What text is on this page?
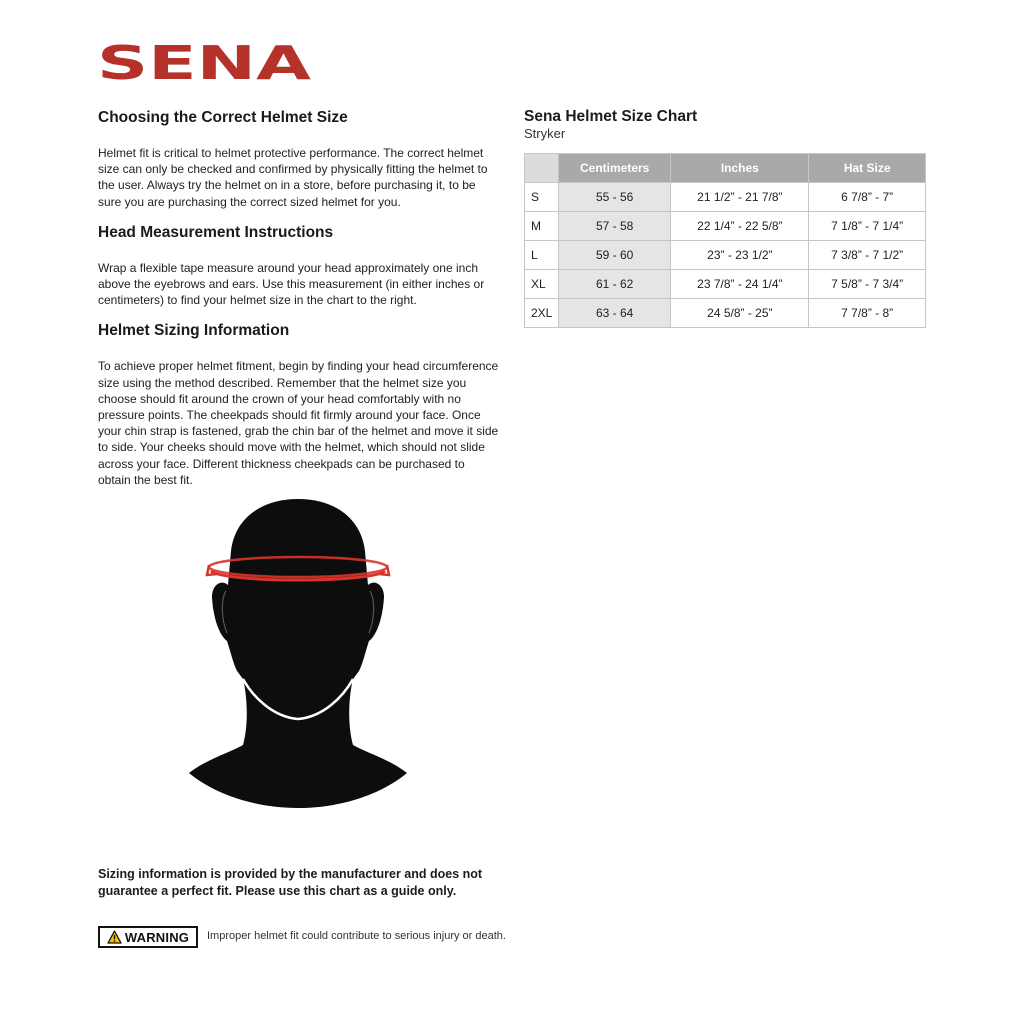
SENA
Choosing the Correct Helmet Size

Helmet fit is critical to helmet protective performance. The correct helmet size can only be checked and confirmed by physically fitting the helmet to the user. Always try the helmet on in a store, before purchasing it, to be sure you are purchasing the correct sized helmet for you.

Head Measurement Instructions

Wrap a flexible tape measure around your head approximately one inch above the eyebrows and ears. Use this measurement (in either inches or centimeters) to find your helmet size in the chart to the right.

Helmet Sizing Information

To achieve proper helmet fitment, begin by finding your head circumference size using the method described. Remember that the helmet size you choose should fit around the crown of your head comfortably with no pressure points. The cheekpads should fit firmly around your face. Once your chin strap is fastened, grab the chin bar of the helmet and move it side to side. Your cheeks should move with the helmet, which should not slide across your face. Different thickness cheekpads can be purchased to obtain the best fit.

Sena Helmet Size Chart
Stryker
	Centimeters	Inches	Hat Size
S	55 - 56	21 1/2” - 21 7/8”	6 7/8” - 7”
M	57 - 58	22 1/4” - 22 5/8”	7 1/8” - 7 1/4”
L	59 - 60	23” - 23 1/2”	7 3/8” - 7 1/2”
XL	61 - 62	23 7/8” - 24 1/4”	7 5/8” - 7 3/4”
2XL	63 - 64	24 5/8” - 25”	7 7/8” - 8”

Sizing information is provided by the manufacturer and does not guarantee a perfect fit. Please use this chart as a guide only.

WARNING Improper helmet fit could contribute to serious injury or death.
